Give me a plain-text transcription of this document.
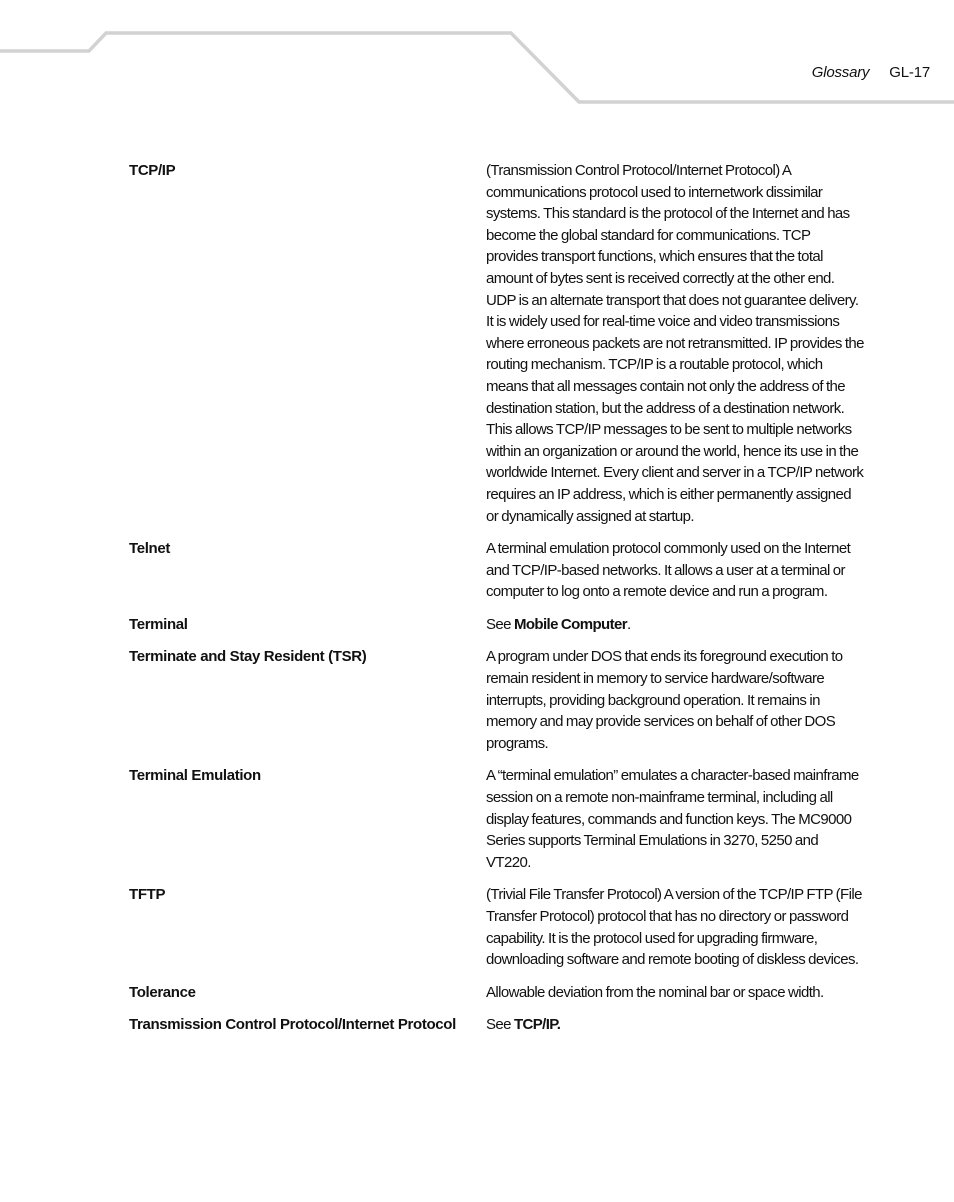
Glossary GL-17
TCP/IP	(Transmission Control Protocol/Internet Protocol) A communications protocol used to internetwork dissimilar systems. This standard is the protocol of the Internet and has become the global standard for communications. TCP provides transport functions, which ensures that the total amount of bytes sent is received correctly at the other end. UDP is an alternate transport that does not guarantee delivery. It is widely used for real-time voice and video transmissions where erroneous packets are not retransmitted. IP provides the routing mechanism. TCP/IP is a routable protocol, which means that all messages contain not only the address of the destination station, but the address of a destination network. This allows TCP/IP messages to be sent to multiple networks within an organization or around the world, hence its use in the worldwide Internet. Every client and server in a TCP/IP network requires an IP address, which is either permanently assigned or dynamically assigned at startup.
Telnet	A terminal emulation protocol commonly used on the Internet and TCP/IP-based networks. It allows a user at a terminal or computer to log onto a remote device and run a program.
Terminal	See Mobile Computer.
Terminate and Stay Resident (TSR)	A program under DOS that ends its foreground execution to remain resident in memory to service hardware/software interrupts, providing background operation. It remains in memory and may provide services on behalf of other DOS programs.
Terminal Emulation	A “terminal emulation” emulates a character-based mainframe session on a remote non-mainframe terminal, including all display features, commands and function keys. The MC9000 Series supports Terminal Emulations in 3270, 5250 and VT220.
TFTP	(Trivial File Transfer Protocol) A version of the TCP/IP FTP (File Transfer Protocol) protocol that has no directory or password capability. It is the protocol used for upgrading firmware, downloading software and remote booting of diskless devices.
Tolerance	Allowable deviation from the nominal bar or space width.
Transmission Control Protocol/Internet Protocol	See TCP/IP.
